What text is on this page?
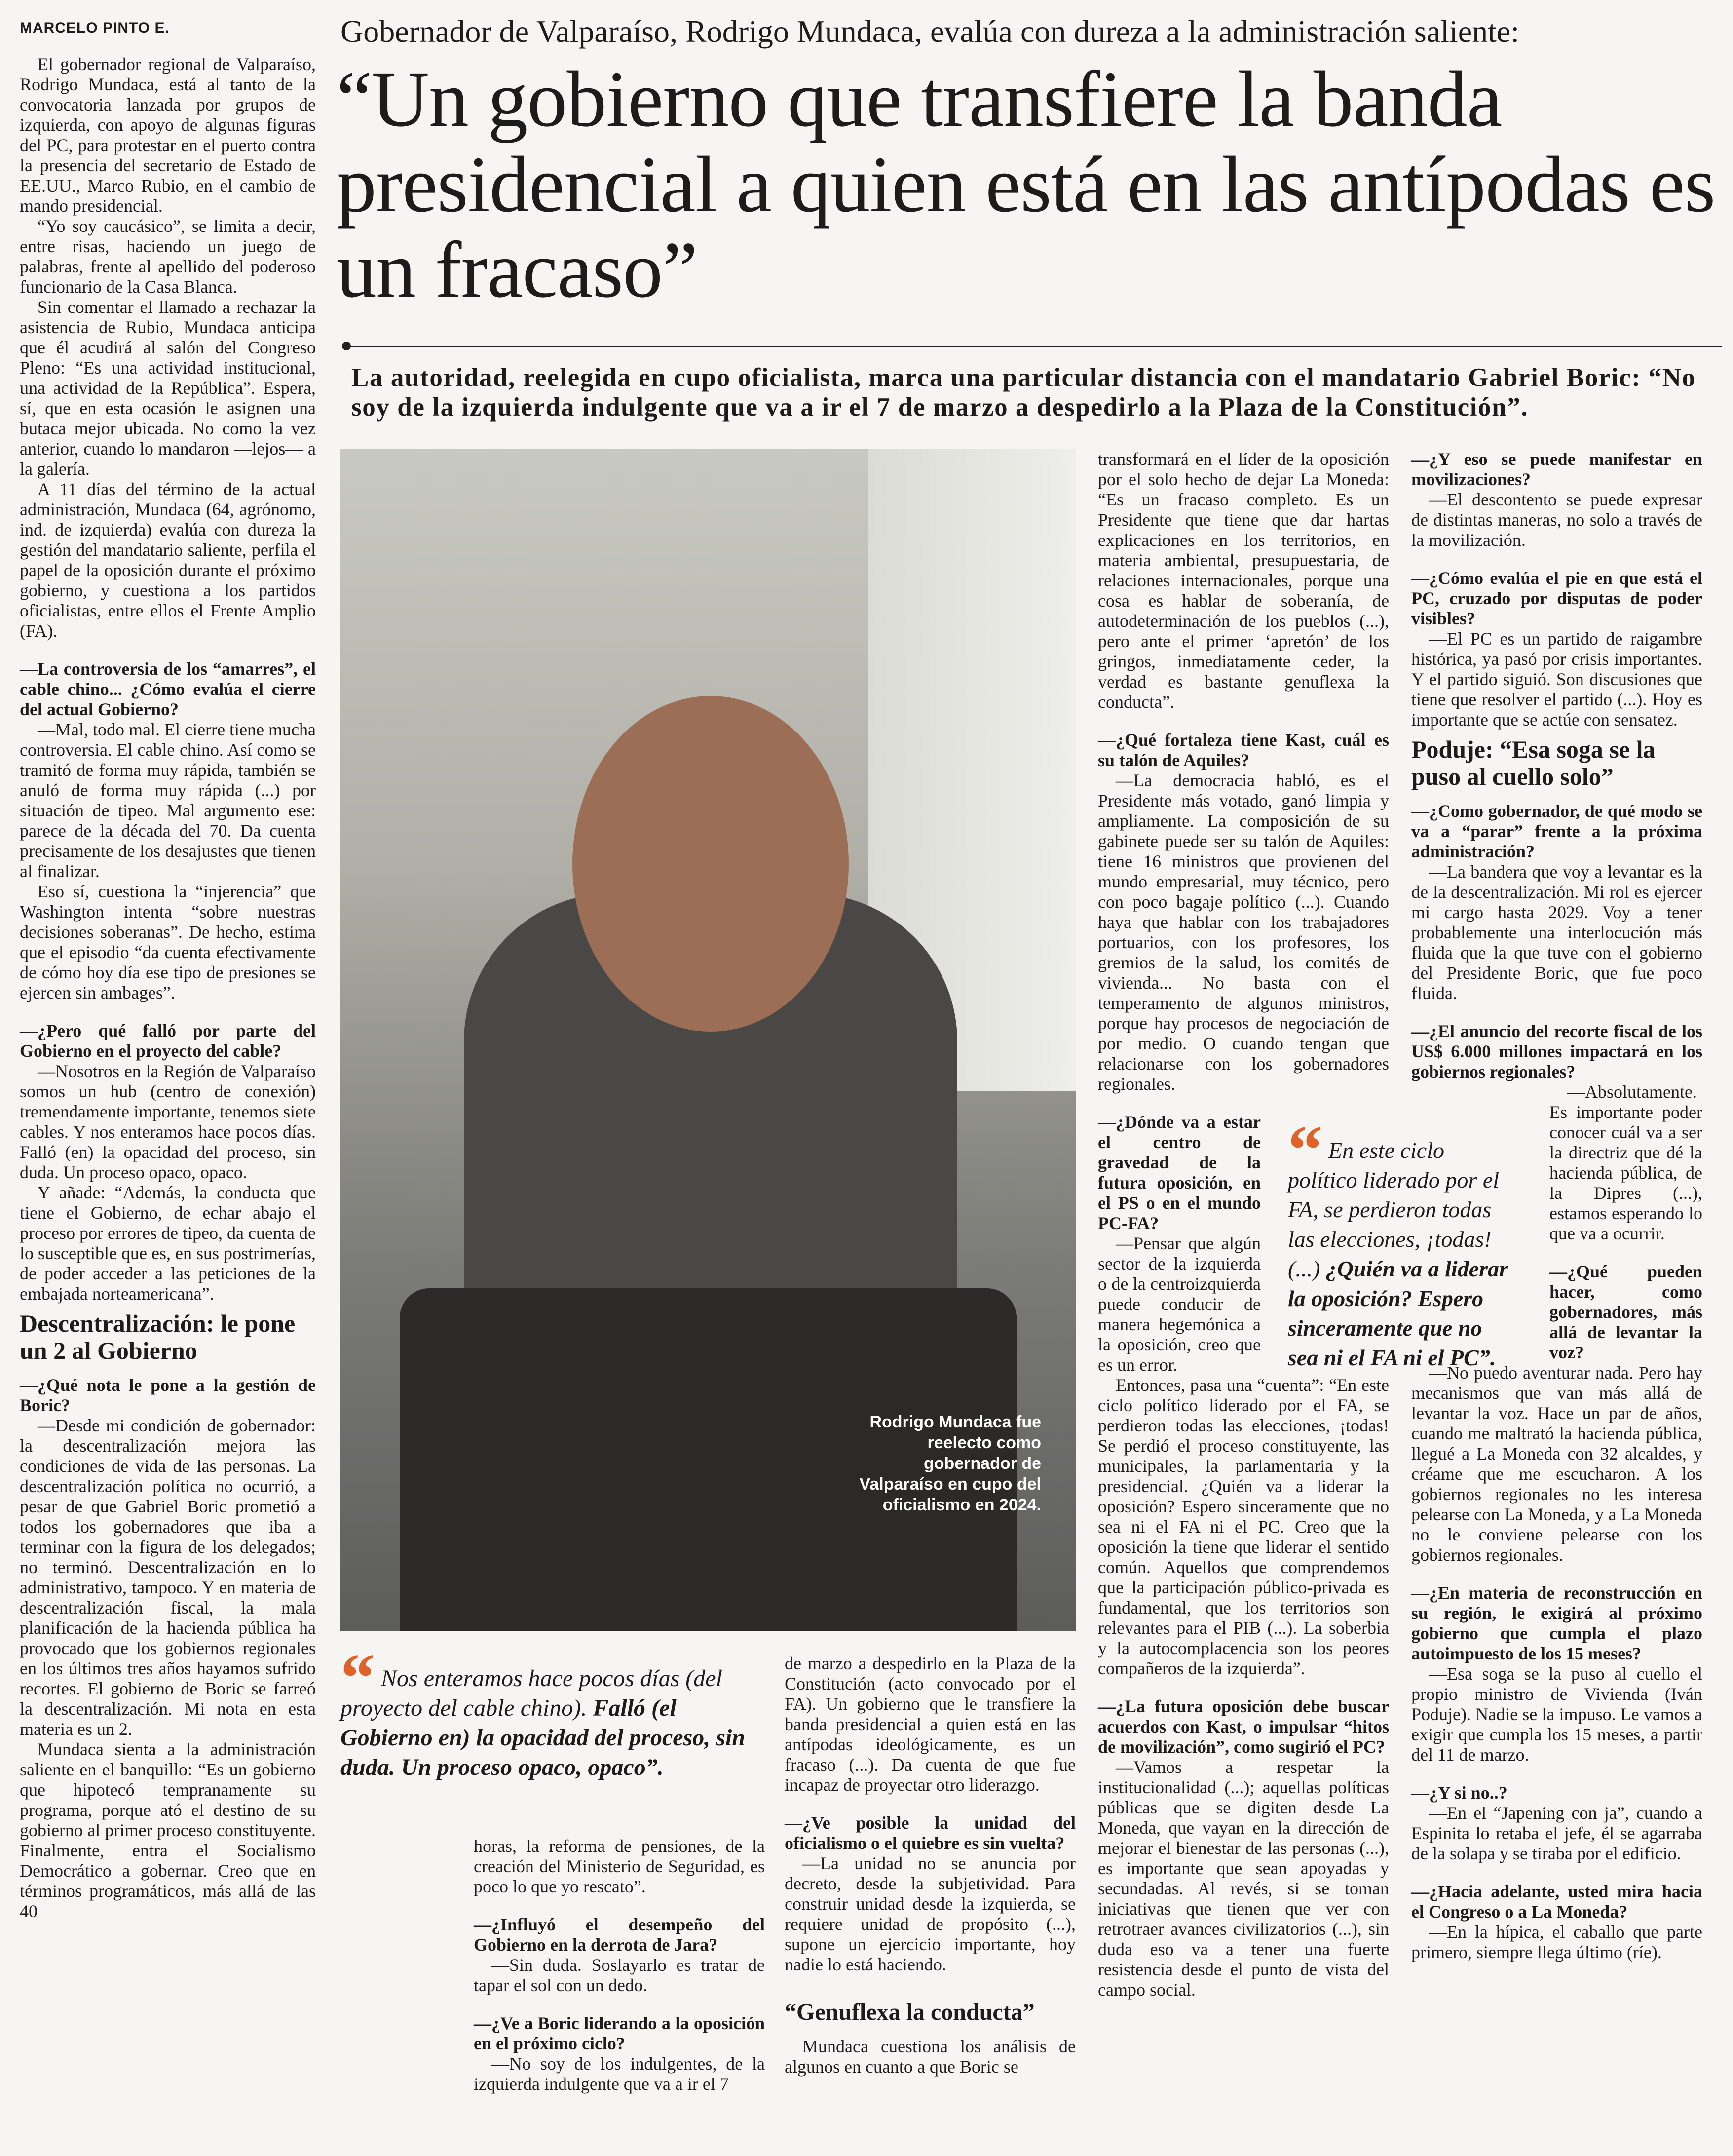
MARCELO PINTO E.	Gobernador de Valparaíso, Rodrigo Mundaca, evalúa con dureza a la administración saliente:
“Un gobierno que transfiere la banda presidencial a quien está en las antípodas es un fracaso”
La autoridad, reelegida en cupo oficialista, marca una particular distancia con el mandatario Gabriel Boric: “No soy de la izquierda indulgente que va a ir el 7 de marzo a despedirlo a la Plaza de la Constitución”.
Rodrigo Mundaca fue reelecto como gobernador de Valparaíso en cupo del oficialismo en 2024.

El gobernador regional de Valparaíso, Rodrigo Mundaca, está al tanto de la convocatoria lanzada por grupos de izquierda, con apoyo de algunas figuras del PC, para protestar en el puerto contra la presencia del secretario de Estado de EE.UU., Marco Rubio, en el cambio de mando presidencial.

“Yo soy caucásico”, se limita a decir, entre risas, haciendo un juego de palabras, frente al apellido del poderoso funcionario de la Casa Blanca.

Sin comentar el llamado a rechazar la asistencia de Rubio, Mundaca anticipa que él acudirá al salón del Congreso Pleno: “Es una actividad institucional, una actividad de la República”. Espera, sí, que en esta ocasión le asignen una butaca mejor ubicada. No como la vez anterior, cuando lo mandaron —lejos— a la galería.

A 11 días del término de la actual administración, Mundaca (64, agrónomo, ind. de izquierda) evalúa con dureza la gestión del mandatario saliente, perfila el papel de la oposición durante el próximo gobierno, y cuestiona a los partidos oficialistas, entre ellos el Frente Amplio (FA).

—La controversia de los “amarres”, el cable chino... ¿Cómo evalúa el cierre del actual Gobierno?

—Mal, todo mal. El cierre tiene mucha controversia. El cable chino. Así como se tramitó de forma muy rápida, también se anuló de forma muy rápida (...) por situación de tipeo. Mal argumento ese: parece de la década del 70. Da cuenta precisamente de los desajustes que tienen al finalizar.

Eso sí, cuestiona la “injerencia” que Washington intenta “sobre nuestras decisiones soberanas”. De hecho, estima que el episodio “da cuenta efectivamente de cómo hoy día ese tipo de presiones se ejercen sin ambages”.

—¿Pero qué falló por parte del Gobierno en el proyecto del cable?

—Nosotros en la Región de Valparaíso somos un hub (centro de conexión) tremendamente importante, tenemos siete cables. Y nos enteramos hace pocos días. Falló (en) la opacidad del proceso, sin duda. Un proceso opaco, opaco.

Y añade: “Además, la conducta que tiene el Gobierno, de echar abajo el proceso por errores de tipeo, da cuenta de lo susceptible que es, en sus postrimerías, de poder acceder a las peticiones de la embajada norteamericana”.

Descentralización: le pone un 2 al Gobierno

—¿Qué nota le pone a la gestión de Boric?

—Desde mi condición de gobernador: la descentralización mejora las condiciones de vida de las personas. La descentralización política no ocurrió, a pesar de que Gabriel Boric prometió a todos los gobernadores que iba a terminar con la figura de los delegados; no terminó. Descentralización en lo administrativo, tampoco. Y en materia de descentralización fiscal, la mala planificación de la hacienda pública ha provocado que los gobiernos regionales en los últimos tres años hayamos sufrido recortes. El gobierno de Boric se farreó la descentralización. Mi nota en esta materia es un 2.

Mundaca sienta a la administración saliente en el banquillo: “Es un gobierno que hipotecó tempranamente su programa, porque ató el destino de su gobierno al primer proceso constituyente. Finalmente, entra el Socialismo Democrático a gobernar. Creo que en términos programáticos, más allá de las 40

“ Nos enteramos hace pocos días (del proyecto del cable chino). Falló (el Gobierno en) la opacidad del proceso, sin duda. Un proceso opaco, opaco”.

horas, la reforma de pensiones, de la creación del Ministerio de Seguridad, es poco lo que yo rescato”.

—¿Influyó el desempeño del Gobierno en la derrota de Jara?

—Sin duda. Soslayarlo es tratar de tapar el sol con un dedo.

—¿Ve a Boric liderando a la oposición en el próximo ciclo?

—No soy de los indulgentes, de la izquierda indulgente que va a ir el 7

de marzo a despedirlo en la Plaza de la Constitución (acto convocado por el FA). Un gobierno que le transfiere la banda presidencial a quien está en las antípodas ideológicamente, es un fracaso (...). Da cuenta de que fue incapaz de proyectar otro liderazgo.

—¿Ve posible la unidad del oficialismo o el quiebre es sin vuelta?

—La unidad no se anuncia por decreto, desde la subjetividad. Para construir unidad desde la izquierda, se requiere unidad de propósito (...), supone un ejercicio importante, hoy nadie lo está haciendo.

“Genuflexa la conducta”

Mundaca cuestiona los análisis de algunos en cuanto a que Boric se

transformará en el líder de la oposición por el solo hecho de dejar La Moneda: “Es un fracaso completo. Es un Presidente que tiene que dar hartas explicaciones en los territorios, en materia ambiental, presupuestaria, de relaciones internacionales, porque una cosa es hablar de soberanía, de autodeterminación de los pueblos (...), pero ante el primer ‘apretón’ de los gringos, inmediatamente ceder, la verdad es bastante genuflexa la conducta”.

—¿Qué fortaleza tiene Kast, cuál es su talón de Aquiles?

—La democracia habló, es el Presidente más votado, ganó limpia y ampliamente. La composición de su gabinete puede ser su talón de Aquiles: tiene 16 ministros que provienen del mundo empresarial, muy técnico, pero con poco bagaje político (...). Cuando haya que hablar con los trabajadores portuarios, con los profesores, los gremios de la salud, los comités de vivienda... No basta con el temperamento de algunos ministros, porque hay procesos de negociación de por medio. O cuando tengan que relacionarse con los gobernadores regionales.

—¿Dónde va a estar el centro de gravedad de la futura oposición, en el PS o en el mundo PC-FA?

—Pensar que algún sector de la izquierda o de la centroizquierda puede conducir de manera hegemónica a la oposición, creo que es un error.

Entonces, pasa una “cuenta”: “En este ciclo político liderado por el FA, se perdieron todas las elecciones, ¡todas! Se perdió el proceso constituyente, las municipales, la parlamentaria y la presidencial. ¿Quién va a liderar la oposición? Espero sinceramente que no sea ni el FA ni el PC. Creo que la oposición la tiene que liderar el sentido común. Aquellos que comprendemos que la participación público-privada es fundamental, que los territorios son relevantes para el PIB (...). La soberbia y la autocomplacencia son los peores compañeros de la izquierda”.

—¿La futura oposición debe buscar acuerdos con Kast, o impulsar “hitos de movilización”, como sugirió el PC?

—Vamos a respetar la institucionalidad (...); aquellas políticas públicas que se digiten desde La Moneda, que vayan en la dirección de mejorar el bienestar de las personas (...), es importante que sean apoyadas y secundadas. Al revés, si se toman iniciativas que tienen que ver con retrotraer avances civilizatorios (...), sin duda eso va a tener una fuerte resistencia desde el punto de vista del campo social.

“ En este ciclo político liderado por el FA, se perdieron todas las elecciones, ¡todas! (...) ¿Quién va a liderar la oposición? Espero sinceramente que no sea ni el FA ni el PC”.

—¿Y eso se puede manifestar en movilizaciones?

—El descontento se puede expresar de distintas maneras, no solo a través de la movilización.

—¿Cómo evalúa el pie en que está el PC, cruzado por disputas de poder visibles?

—El PC es un partido de raigambre histórica, ya pasó por crisis importantes. Y el partido siguió. Son discusiones que tiene que resolver el partido (...). Hoy es importante que se actúe con sensatez.

Poduje: “Esa soga se la puso al cuello solo”

—¿Como gobernador, de qué modo se va a “parar” frente a la próxima administración?

—La bandera que voy a levantar es la de la descentralización. Mi rol es ejercer mi cargo hasta 2029. Voy a tener probablemente una interlocución más fluida que la que tuve con el gobierno del Presidente Boric, que fue poco fluida.

—¿El anuncio del recorte fiscal de los US$ 6.000 millones impactará en los gobiernos regionales?

—Absolutamente. Es importante poder conocer cuál va a ser la directriz que dé la hacienda pública, de la Dipres (...), estamos esperando lo que va a ocurrir.

—¿Qué pueden hacer, como gobernadores, más allá de levantar la voz?

—No puedo aventurar nada. Pero hay mecanismos que van más allá de levantar la voz. Hace un par de años, cuando me maltrató la hacienda pública, llegué a La Moneda con 32 alcaldes, y créame que me escucharon. A los gobiernos regionales no les interesa pelearse con La Moneda, y a La Moneda no le conviene pelearse con los gobiernos regionales.

—¿En materia de reconstrucción en su región, le exigirá al próximo gobierno que cumpla el plazo autoimpuesto de los 15 meses?

—Esa soga se la puso al cuello el propio ministro de Vivienda (Iván Poduje). Nadie se la impuso. Le vamos a exigir que cumpla los 15 meses, a partir del 11 de marzo.

—¿Y si no..?

—En el “Japening con ja”, cuando a Espinita lo retaba el jefe, él se agarraba de la solapa y se tiraba por el edificio.

—¿Hacia adelante, usted mira hacia el Congreso o a La Moneda?

—En la hípica, el caballo que parte primero, siempre llega último (ríe).
